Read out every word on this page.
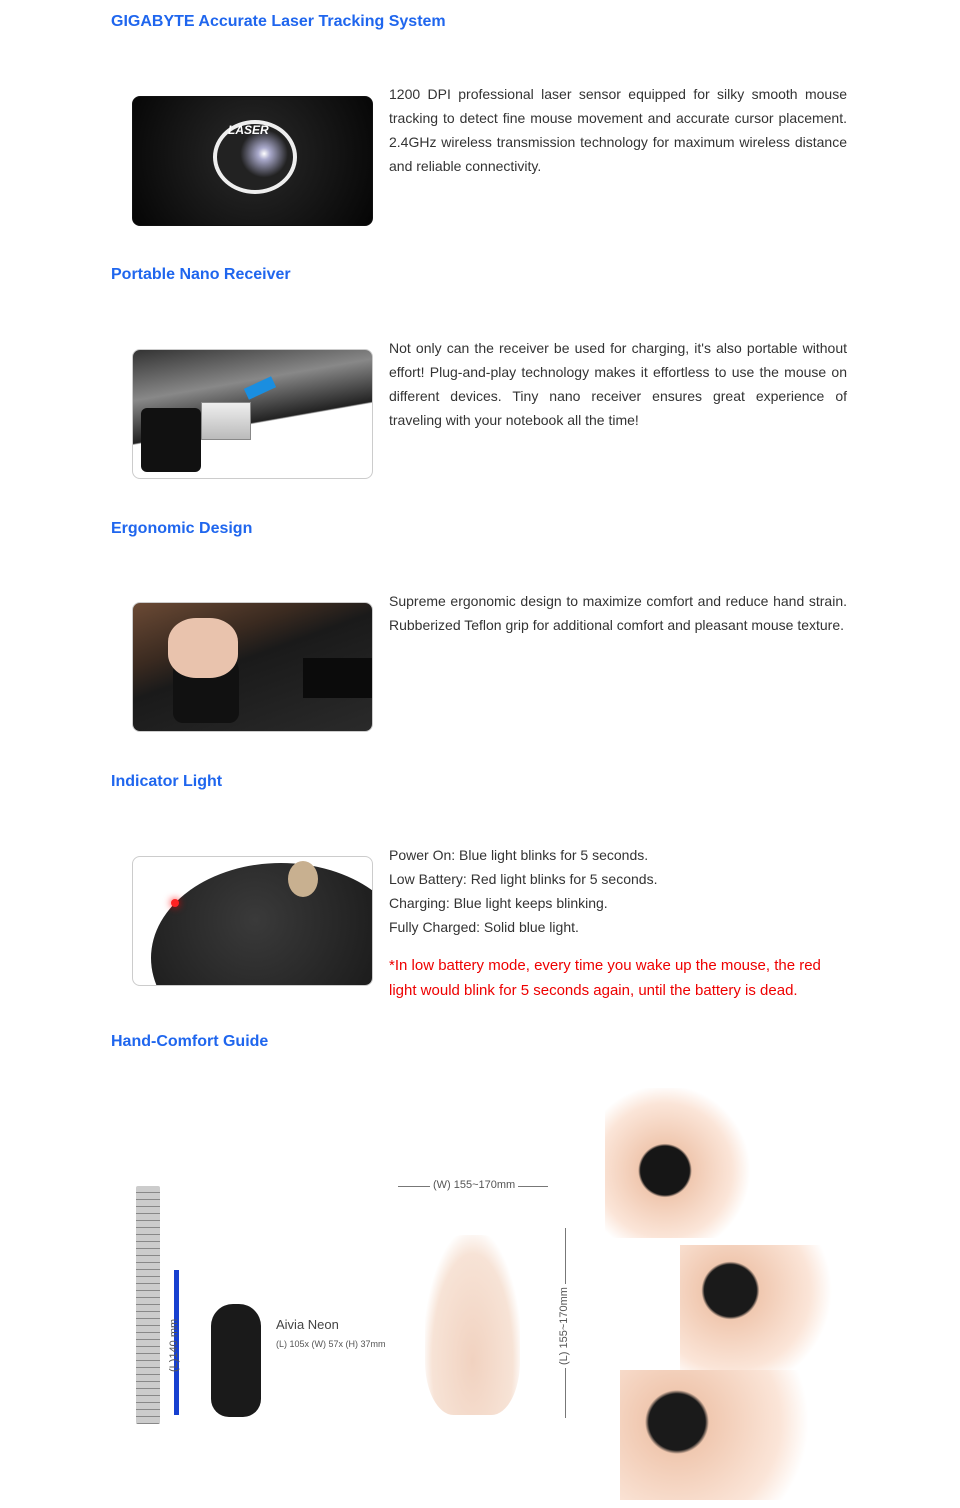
GIGABYTE Accurate Laser Tracking System
LASER
1200 DPI professional laser sensor equipped for silky smooth mouse tracking to detect fine mouse movement and accurate cursor placement. 2.4GHz wireless transmission technology for maximum wireless distance and reliable connectivity.
Portable Nano Receiver
Not only can the receiver be used for charging, it's also portable without effort! Plug-and-play technology makes it effortless to use the mouse on different devices. Tiny nano receiver ensures great experience of traveling with your notebook all the time!
Ergonomic Design
Supreme ergonomic design to maximize comfort and reduce hand strain. Rubberized Teflon grip for additional comfort and pleasant mouse texture.
Indicator Light

Power On: Blue light blinks for 5 seconds.

Low Battery: Red light blinks for 5 seconds.

Charging: Blue light keeps blinking.

Fully Charged: Solid blue light.

*In low battery mode, every time you wake up the mouse, the red light would blink for 5 seconds again, until the battery is dead.

Hand-Comfort Guide
(L)140 mm	Aivia Neon
(L) 105x (W) 57x (H) 37mm
(W) 155~170mm
(L) 155~170mm
